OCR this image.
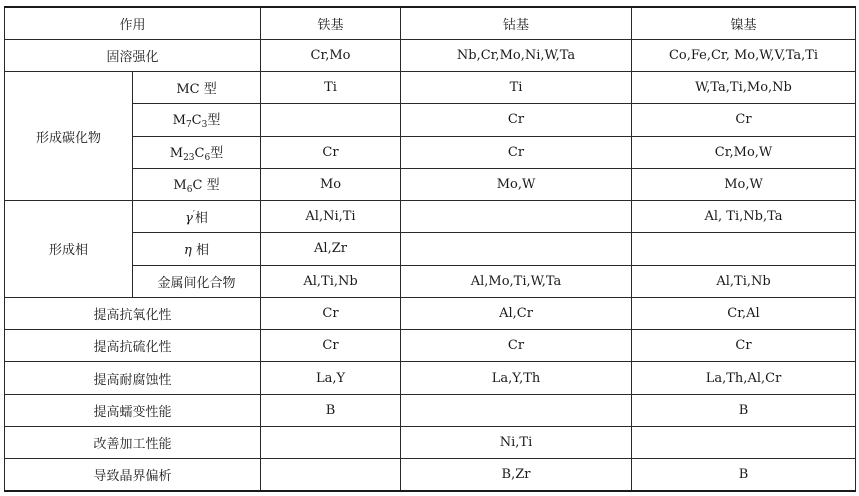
作用		铁基	钴基	镍基
固溶强化		Cr,Mo	Nb,Cr,Mo,Ni,W,Ta	Co,Fe,Cr, Mo,W,V,Ta,Ti
形成碳化物	MC 型	Ti	Ti	W,Ta,Ti,Mo,Nb
	$M_7C_3$型		Cr	Cr
	$M_{23}C_6$型	Cr	Cr	Cr,Mo,W
	$M_6C$ 型	Mo	Mo,W	Mo,W
形成相	γ′相	Al,Ni,Ti		Al, Ti,Nb,Ta
	η 相	Al,Zr		
	金属间化合物	Al,Ti,Nb	Al,Mo,Ti,W,Ta	Al,Ti,Nb
提高抗氧化性		Cr	Al,Cr	Cr,Al
提高抗硫化性		Cr	Cr	Cr
提高耐腐蚀性		La,Y	La,Y,Th	La,Th,Al,Cr
提高蠕变性能		B		B
改善加工性能			Ni,Ti	
导致晶界偏析			B,Zr	B
